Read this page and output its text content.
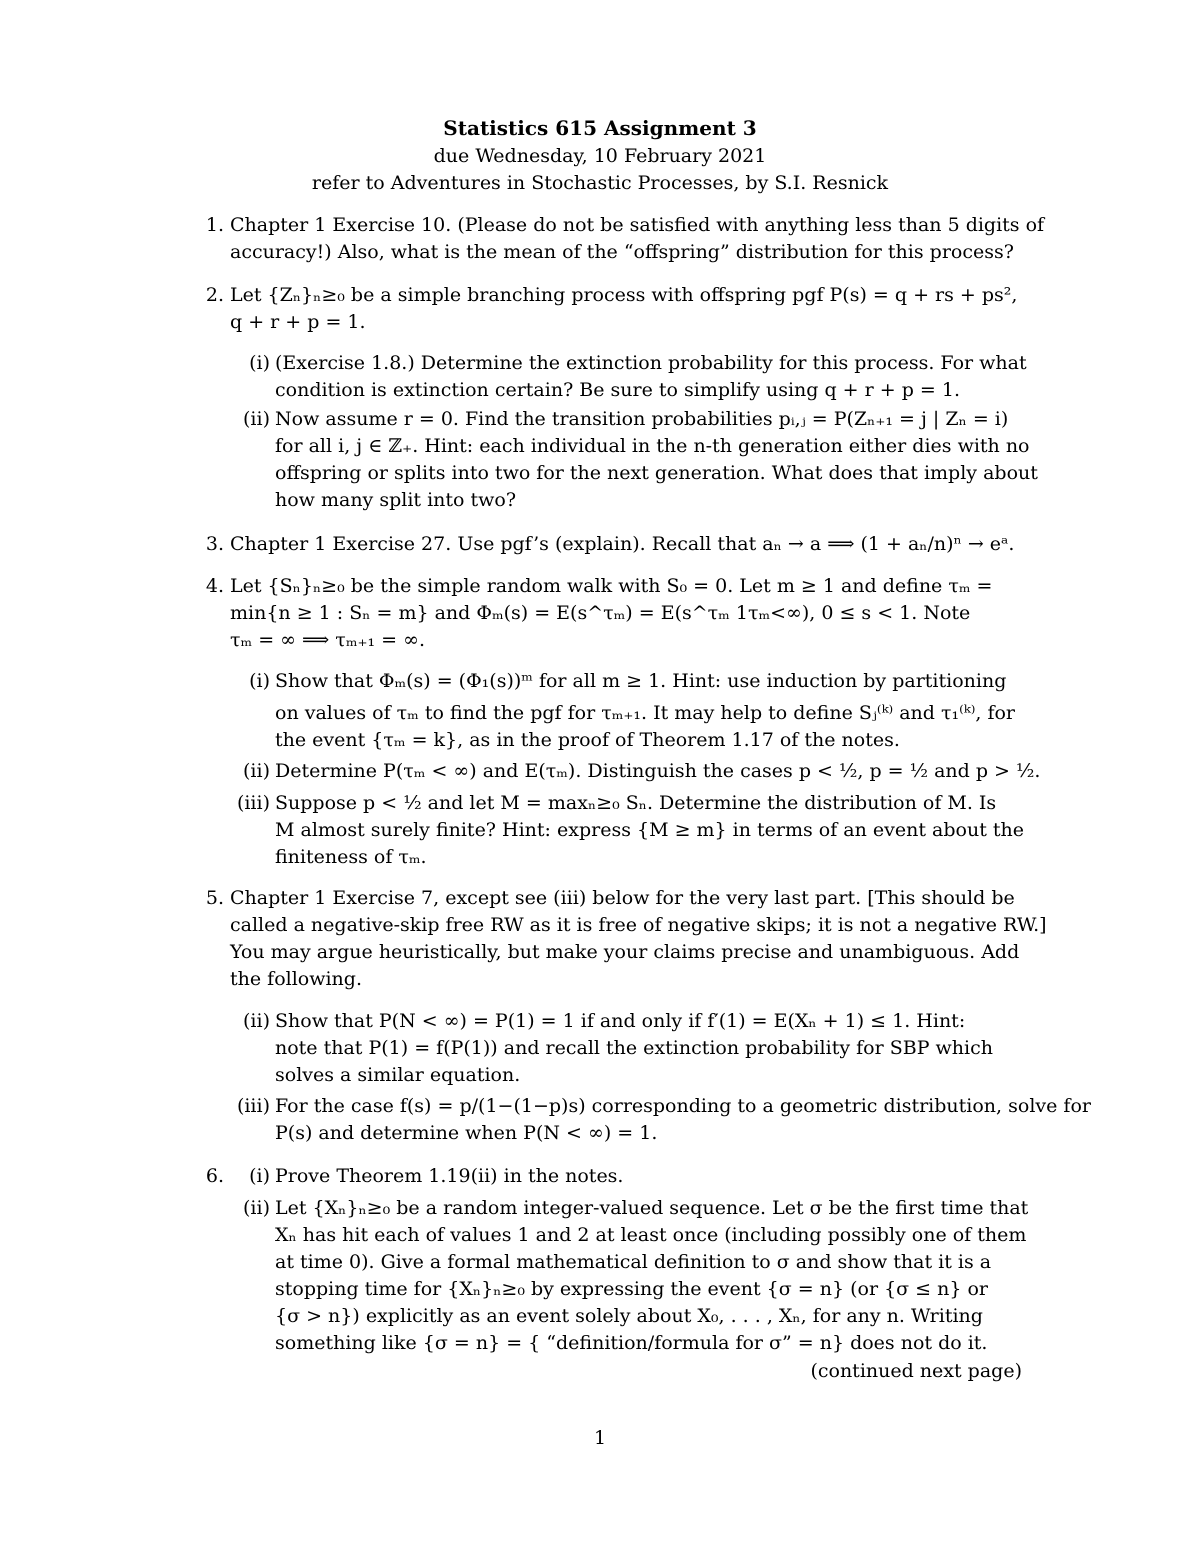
Statistics 615 Assignment 3
due Wednesday, 10 February 2021
refer to Adventures in Stochastic Processes, by S.I. Resnick
1. Chapter 1 Exercise 10. (Please do not be satisfied with anything less than 5 digits of
accuracy!) Also, what is the mean of the “offspring” distribution for this process?
2. Let {Zₙ}ₙ≥₀ be a simple branching process with offspring pgf P(s) = q + rs + ps²,
q + r + p = 1.
(i) (Exercise 1.8.) Determine the extinction probability for this process. For what
condition is extinction certain? Be sure to simplify using q + r + p = 1.
(ii) Now assume r = 0. Find the transition probabilities pᵢ,ⱼ = P(Zₙ₊₁ = j | Zₙ = i)
for all i, j ∈ ℤ₊. Hint: each individual in the n-th generation either dies with no
offspring or splits into two for the next generation. What does that imply about
how many split into two?
3. Chapter 1 Exercise 27. Use pgf’s (explain). Recall that aₙ → a ⟹ (1 + aₙ/n)ⁿ → eᵃ.
4. Let {Sₙ}ₙ≥₀ be the simple random walk with S₀ = 0. Let m ≥ 1 and define τₘ =
min{n ≥ 1 : Sₙ = m} and Φₘ(s) = E(s^τₘ) = E(s^τₘ 1τₘ<∞), 0 ≤ s < 1. Note
τₘ = ∞ ⟹ τₘ₊₁ = ∞.
(i) Show that Φₘ(s) = (Φ₁(s))ᵐ for all m ≥ 1. Hint: use induction by partitioning
on values of τₘ to find the pgf for τₘ₊₁. It may help to define Sⱼ⁽ᵏ⁾ and τ₁⁽ᵏ⁾, for
the event {τₘ = k}, as in the proof of Theorem 1.17 of the notes.
(ii) Determine P(τₘ < ∞) and E(τₘ). Distinguish the cases p < ½, p = ½ and p > ½.
(iii) Suppose p < ½ and let M = maxₙ≥₀ Sₙ. Determine the distribution of M. Is
M almost surely finite? Hint: express {M ≥ m} in terms of an event about the
finiteness of τₘ.
5. Chapter 1 Exercise 7, except see (iii) below for the very last part. [This should be
called a negative-skip free RW as it is free of negative skips; it is not a negative RW.]
You may argue heuristically, but make your claims precise and unambiguous. Add
the following.
(ii) Show that P(N < ∞) = P(1) = 1 if and only if f′(1) = E(Xₙ + 1) ≤ 1. Hint:
note that P(1) = f(P(1)) and recall the extinction probability for SBP which
solves a similar equation.
(iii) For the case f(s) = p/(1−(1−p)s) corresponding to a geometric distribution, solve for
P(s) and determine when P(N < ∞) = 1.
6.	(i) Prove Theorem 1.19(ii) in the notes.
(ii) Let {Xₙ}ₙ≥₀ be a random integer-valued sequence. Let σ be the first time that
Xₙ has hit each of values 1 and 2 at least once (including possibly one of them
at time 0). Give a formal mathematical definition to σ and show that it is a
stopping time for {Xₙ}ₙ≥₀ by expressing the event {σ = n} (or {σ ≤ n} or
{σ > n}) explicitly as an event solely about X₀, . . . , Xₙ, for any n. Writing
something like {σ = n} = { “definition/formula for σ” = n} does not do it.
(continued next page)
1
